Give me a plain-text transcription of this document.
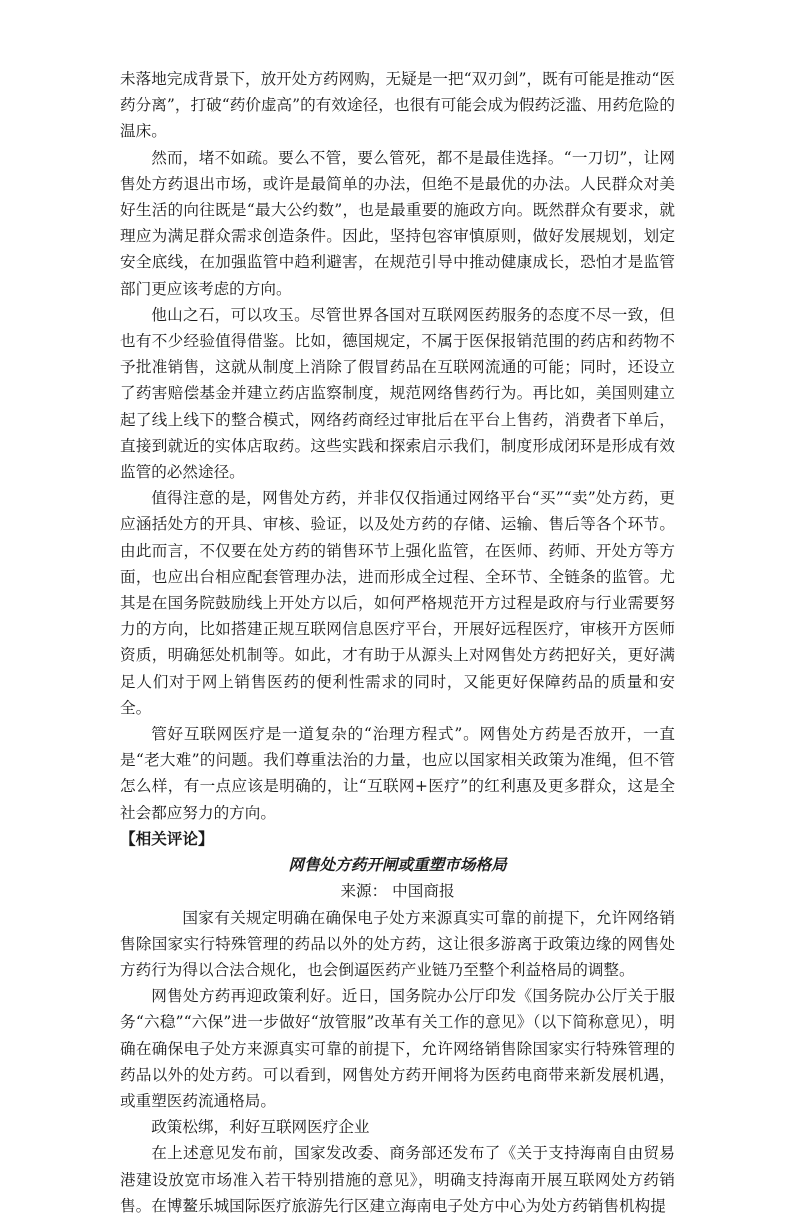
未落地完成背景下，放开处方药网购，无疑是一把“双刃剑”，既有可能是推动“医药分离”，打破“药价虚高”的有效途径，也很有可能会成为假药泛滥、用药危险的温床。

然而，堵不如疏。要么不管，要么管死，都不是最佳选择。“一刀切”，让网售处方药退出市场，或许是最简单的办法，但绝不是最优的办法。人民群众对美好生活的向往既是“最大公约数”，也是最重要的施政方向。既然群众有要求，就理应为满足群众需求创造条件。因此，坚持包容审慎原则，做好发展规划，划定安全底线，在加强监管中趋利避害，在规范引导中推动健康成长，恐怕才是监管部门更应该考虑的方向。

他山之石，可以攻玉。尽管世界各国对互联网医药服务的态度不尽一致，但也有不少经验值得借鉴。比如，德国规定，不属于医保报销范围的药店和药物不予批准销售，这就从制度上消除了假冒药品在互联网流通的可能；同时，还设立了药害赔偿基金并建立药店监察制度，规范网络售药行为。再比如，美国则建立起了线上线下的整合模式，网络药商经过审批后在平台上售药，消费者下单后，直接到就近的实体店取药。这些实践和探索启示我们，制度形成闭环是形成有效监管的必然途径。

值得注意的是，网售处方药，并非仅仅指通过网络平台“买”“卖”处方药，更应涵括处方的开具、审核、验证，以及处方药的存储、运输、售后等各个环节。由此而言，不仅要在处方药的销售环节上强化监管，在医师、药师、开处方等方面，也应出台相应配套管理办法，进而形成全过程、全环节、全链条的监管。尤其是在国务院鼓励线上开处方以后，如何严格规范开方过程是政府与行业需要努力的方向，比如搭建正规互联网信息医疗平台，开展好远程医疗，审核开方医师资质，明确惩处机制等。如此，才有助于从源头上对网售处方药把好关，更好满足人们对于网上销售医药的便利性需求的同时，又能更好保障药品的质量和安全。

管好互联网医疗是一道复杂的“治理方程式”。网售处方药是否放开，一直是“老大难”的问题。我们尊重法治的力量，也应以国家相关政策为准绳，但不管怎么样，有一点应该是明确的，让“互联网+医疗”的红利惠及更多群众，这是全社会都应努力的方向。

【相关评论】

网售处方药开闸或重塑市场格局

来源： 中国商报

国家有关规定明确在确保电子处方来源真实可靠的前提下，允许网络销售除国家实行特殊管理的药品以外的处方药，这让很多游离于政策边缘的网售处方药行为得以合法合规化，也会倒逼医药产业链乃至整个利益格局的调整。

网售处方药再迎政策利好。近日，国务院办公厅印发《国务院办公厅关于服务“六稳”“六保”进一步做好“放管服”改革有关工作的意见》（以下简称意见），明确在确保电子处方来源真实可靠的前提下，允许网络销售除国家实行特殊管理的药品以外的处方药。可以看到，网售处方药开闸将为医药电商带来新发展机遇，或重塑医药流通格局。

政策松绑，利好互联网医疗企业

在上述意见发布前，国家发改委、商务部还发布了《关于支持海南自由贸易港建设放宽市场准入若干特别措施的意见》，明确支持海南开展互联网处方药销售。在博鳌乐城国际医疗旅游先行区建立海南电子处方中心为处方药销售机构提
